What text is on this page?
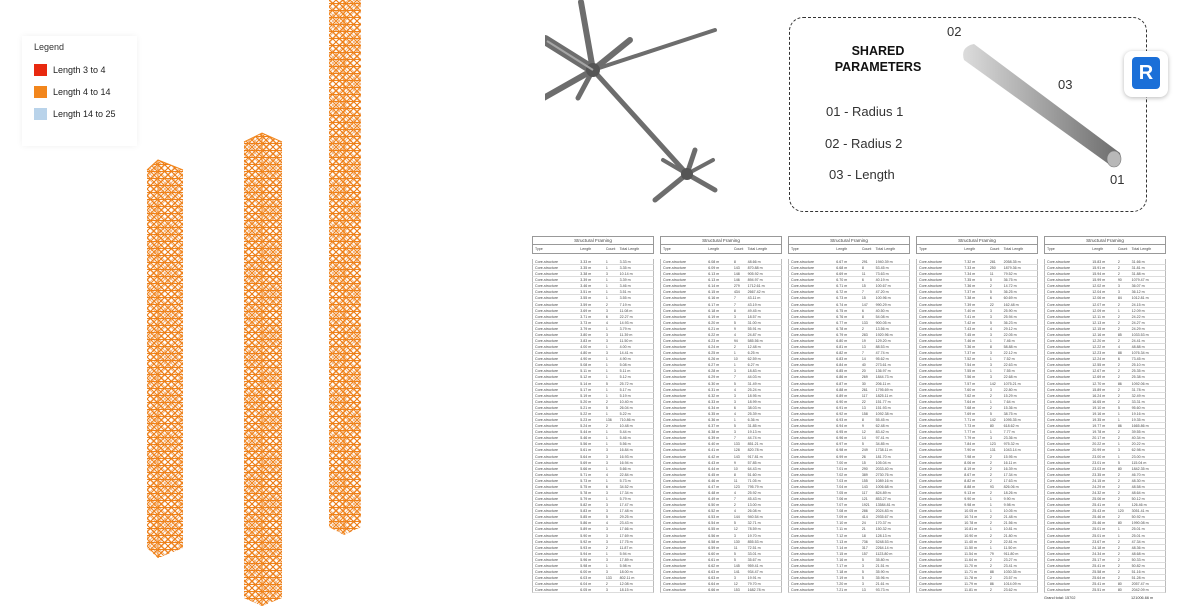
Legend
Length 3 to 4
Length 4 to 14
Length 14 to 25
SHARED
PARAMETERS
01 - Radius 1
02 - Radius 2
03 - Length
02
03
01
R
Structural Framing
Type	Length	Count	Total Length
Core-structure	3.33 m	1	3.33 m
Core-structure	3.35 m	1	3.35 m
Core-structure	3.38 m	3	10.14 m
Core-structure	3.39 m	1	3.39 m
Core-structure	3.46 m	1	3.46 m
Core-structure	3.51 m	1	3.51 m
Core-structure	3.55 m	1	3.55 m
Core-structure	3.59 m	2	7.19 m
Core-structure	3.69 m	3	11.08 m
Core-structure	3.71 m	6	22.27 m
Core-structure	3.73 m	4	14.93 m
Core-structure	3.79 m	1	3.79 m
Core-structure	3.80 m	3	11.39 m
Core-structure	3.83 m	3	11.50 m
Core-structure	4.00 m	1	4.00 m
Core-structure	4.80 m	3	14.41 m
Core-structure	4.90 m	1	4.90 m
Core-structure	5.08 m	1	5.08 m
Core-structure	5.11 m	1	5.11 m
Core-structure	5.12 m	1	5.12 m
Core-structure	5.14 m	5	25.72 m
Core-structure	5.17 m	1	5.17 m
Core-structure	5.19 m	1	5.19 m
Core-structure	5.20 m	2	10.40 m
Core-structure	5.21 m	5	26.04 m
Core-structure	5.22 m	1	5.22 m
Core-structure	5.23 m	136	710.86 m
Core-structure	5.24 m	2	10.48 m
Core-structure	5.44 m	1	5.44 m
Core-structure	5.46 m	1	5.46 m
Core-structure	5.56 m	1	5.56 m
Core-structure	5.61 m	3	16.84 m
Core-structure	5.64 m	3	16.93 m
Core-structure	5.69 m	3	16.94 m
Core-structure	5.66 m	1	5.66 m
Core-structure	5.71 m	4	22.84 m
Core-structure	5.73 m	1	5.73 m
Core-structure	5.75 m	6	34.52 m
Core-structure	5.78 m	3	17.34 m
Core-structure	5.79 m	1	5.79 m
Core-structure	5.82 m	3	17.47 m
Core-structure	5.83 m	3	17.48 m
Core-structure	5.85 m	5	29.25 m
Core-structure	5.86 m	4	23.43 m
Core-structure	5.89 m	3	17.66 m
Core-structure	5.90 m	3	17.69 m
Core-structure	5.92 m	3	17.75 m
Core-structure	5.93 m	2	11.87 m
Core-structure	5.94 m	1	5.94 m
Core-structure	5.96 m	3	17.89 m
Core-structure	5.98 m	1	5.98 m
Core-structure	6.00 m	3	18.00 m
Core-structure	6.03 m	133	802.11 m
Core-structure	6.04 m	2	12.08 m
Core-structure	6.05 m	3	18.15 m
Structural Framing
Type	Length	Count	Total Length
Core-structure	6.08 m	8	48.66 m
Core-structure	6.09 m	143	870.88 m
Core-structure	6.13 m	148	905.92 m
Core-structure	6.13 m	146	894.97 m
Core-structure	6.14 m	279	1712.61 m
Core-structure	6.15 m	434	2667.42 m
Core-structure	6.16 m	7	43.11 m
Core-structure	6.17 m	7	43.19 m
Core-structure	6.18 m	8	49.45 m
Core-structure	6.19 m	3	18.57 m
Core-structure	6.20 m	5	31.00 m
Core-structure	6.21 m	9	55.91 m
Core-structure	6.22 m	4	24.87 m
Core-structure	6.23 m	94	585.56 m
Core-structure	6.24 m	2	12.48 m
Core-structure	6.25 m	1	6.25 m
Core-structure	6.26 m	10	62.59 m
Core-structure	6.27 m	1	6.27 m
Core-structure	6.28 m	3	18.83 m
Core-structure	6.29 m	7	44.03 m
Core-structure	6.30 m	5	31.49 m
Core-structure	6.31 m	4	25.24 m
Core-structure	6.32 m	3	18.95 m
Core-structure	6.33 m	3	18.99 m
Core-structure	6.34 m	6	38.03 m
Core-structure	6.35 m	4	25.39 m
Core-structure	6.36 m	1	6.36 m
Core-structure	6.37 m	5	31.85 m
Core-structure	6.38 m	3	19.13 m
Core-structure	6.39 m	7	44.74 m
Core-structure	6.40 m	133	851.21 m
Core-structure	6.41 m	128	820.78 m
Core-structure	6.42 m	143	917.81 m
Core-structure	6.43 m	9	57.85 m
Core-structure	6.44 m	10	64.43 m
Core-structure	6.45 m	8	51.60 m
Core-structure	6.46 m	11	71.05 m
Core-structure	6.47 m	123	795.79 m
Core-structure	6.48 m	4	25.92 m
Core-structure	6.49 m	7	45.43 m
Core-structure	6.50 m	2	13.00 m
Core-structure	6.52 m	4	26.08 m
Core-structure	6.53 m	144	940.54 m
Core-structure	6.54 m	5	32.71 m
Core-structure	6.55 m	12	78.59 m
Core-structure	6.56 m	3	19.70 m
Core-structure	6.58 m	130	855.53 m
Core-structure	6.59 m	11	72.51 m
Core-structure	6.60 m	5	33.01 m
Core-structure	6.61 m	5	35.67 m
Core-structure	6.62 m	145	959.41 m
Core-structure	6.63 m	141	934.47 m
Core-structure	6.63 m	3	19.91 m
Core-structure	6.64 m	12	79.70 m
Core-structure	6.66 m	153	1682.78 m
Structural Framing
Type	Length	Count	Total Length
Core-structure	6.67 m	291	1940.39 m
Core-structure	6.68 m	8	53.45 m
Core-structure	6.69 m	11	73.63 m
Core-structure	6.70 m	6	40.19 m
Core-structure	6.71 m	15	100.67 m
Core-structure	6.72 m	7	47.20 m
Core-structure	6.73 m	15	100.96 m
Core-structure	6.74 m	147	990.29 m
Core-structure	6.75 m	6	40.50 m
Core-structure	6.76 m	8	54.08 m
Core-structure	6.77 m	133	900.05 m
Core-structure	6.78 m	2	13.56 m
Core-structure	6.79 m	283	1920.96 m
Core-structure	6.80 m	19	129.20 m
Core-structure	6.81 m	13	88.53 m
Core-structure	6.82 m	7	47.74 m
Core-structure	6.83 m	14	95.62 m
Core-structure	6.84 m	40	273.61 m
Core-structure	6.85 m	20	136.97 m
Core-structure	6.86 m	269	1844.73 m
Core-structure	6.87 m	30	206.11 m
Core-structure	6.88 m	261	1795.69 m
Core-structure	6.89 m	117	1825.11 m
Core-structure	6.90 m	22	151.77 m
Core-structure	6.91 m	13	151.93 m
Core-structure	6.92 m	158	1092.38 m
Core-structure	6.93 m	8	55.45 m
Core-structure	6.94 m	9	62.48 m
Core-structure	6.95 m	12	83.42 m
Core-structure	6.96 m	14	97.41 m
Core-structure	6.97 m	5	34.85 m
Core-structure	6.98 m	249	1738.11 m
Core-structure	6.99 m	26	181.70 m
Core-structure	7.00 m	15	105.04 m
Core-structure	7.01 m	290	2033.40 m
Core-structure	7.02 m	389	2730.76 m
Core-structure	7.03 m	155	1089.16 m
Core-structure	7.04 m	143	1006.68 m
Core-structure	7.05 m	117	824.89 m
Core-structure	7.06 m	121	853.27 m
Core-structure	7.07 m	1921	13584.81 m
Core-structure	7.08 m	286	2024.83 m
Core-structure	7.09 m	414	2935.67 m
Core-structure	7.10 m	24	170.37 m
Core-structure	7.11 m	21	150.32 m
Core-structure	7.12 m	18	128.13 m
Core-structure	7.13 m	736	5248.53 m
Core-structure	7.14 m	317	2264.14 m
Core-structure	7.15 m	157	1123.80 m
Core-structure	7.16 m	5	35.80 m
Core-structure	7.17 m	3	21.51 m
Core-structure	7.18 m	5	35.90 m
Core-structure	7.19 m	5	35.96 m
Core-structure	7.20 m	3	21.61 m
Core-structure	7.21 m	13	93.73 m
Structural Framing
Type	Length	Count	Total Length
Core-structure	7.32 m	281	2058.35 m
Core-structure	7.33 m	250	1879.36 m
Core-structure	7.34 m	11	79.52 m
Core-structure	7.35 m	5	36.75 m
Core-structure	7.36 m	2	14.72 m
Core-structure	7.37 m	5	36.25 m
Core-structure	7.38 m	6	60.69 m
Core-structure	7.39 m	22	162.48 m
Core-structure	7.40 m	3	25.90 m
Core-structure	7.41 m	3	25.94 m
Core-structure	7.42 m	5	36.23 m
Core-structure	7.43 m	4	29.12 m
Core-structure	7.45 m	3	22.05 m
Core-structure	7.46 m	1	7.46 m
Core-structure	7.36 m	8	58.88 m
Core-structure	7.37 m	3	22.12 m
Core-structure	7.52 m	1	7.52 m
Core-structure	7.54 m	3	22.63 m
Core-structure	7.55 m	1	7.55 m
Core-structure	7.56 m	3	22.68 m
Core-structure	7.57 m	142	1075.21 m
Core-structure	7.60 m	3	22.80 m
Core-structure	7.62 m	2	15.29 m
Core-structure	7.64 m	1	7.64 m
Core-structure	7.68 m	2	15.36 m
Core-structure	7.69 m	5	38.75 m
Core-structure	7.71 m	142	1095.35 m
Core-structure	7.73 m	80	618.62 m
Core-structure	7.77 m	1	7.77 m
Core-structure	7.79 m	3	23.36 m
Core-structure	7.84 m	123	975.32 m
Core-structure	7.90 m	131	1043.14 m
Core-structure	7.98 m	2	15.95 m
Core-structure	8.06 m	2	16.11 m
Core-structure	8.19 m	2	16.39 m
Core-structure	8.67 m	2	17.34 m
Core-structure	8.82 m	2	17.63 m
Core-structure	8.88 m	93	826.06 m
Core-structure	9.13 m	2	18.26 m
Core-structure	9.90 m	1	9.90 m
Core-structure	9.98 m	1	9.98 m
Core-structure	10.05 m	1	10.05 m
Core-structure	10.74 m	2	21.48 m
Core-structure	10.78 m	2	21.56 m
Core-structure	10.81 m	1	10.81 m
Core-structure	10.90 m	2	21.80 m
Core-structure	11.40 m	2	22.81 m
Core-structure	11.50 m	1	11.50 m
Core-structure	11.54 m	79	911.80 m
Core-structure	11.64 m	2	23.27 m
Core-structure	11.70 m	2	23.41 m
Core-structure	11.71 m	88	1030.35 m
Core-structure	11.78 m	2	23.57 m
Core-structure	11.79 m	86	1014.09 m
Core-structure	11.81 m	2	23.62 m
Structural Framing
Type	Length	Count	Total Length
Core-structure	15.83 m	2	31.66 m
Core-structure	15.91 m	2	31.81 m
Core-structure	15.94 m	2	31.88 m
Core-structure	15.99 m	90	1079.47 m
Core-structure	12.02 m	3	36.07 m
Core-structure	12.04 m	3	36.12 m
Core-structure	12.06 m	84	1012.81 m
Core-structure	12.07 m	2	24.15 m
Core-structure	12.09 m	1	12.09 m
Core-structure	12.11 m	2	24.22 m
Core-structure	12.13 m	2	24.27 m
Core-structure	12.15 m	2	24.29 m
Core-structure	12.16 m	85	1033.53 m
Core-structure	12.20 m	2	24.41 m
Core-structure	12.22 m	4	48.88 m
Core-structure	12.23 m	88	1076.34 m
Core-structure	12.24 m	6	73.45 m
Core-structure	12.55 m	2	25.10 m
Core-structure	12.67 m	2	25.35 m
Core-structure	12.69 m	2	25.38 m
Core-structure	12.70 m	86	1092.06 m
Core-structure	15.89 m	2	31.78 m
Core-structure	16.24 m	2	32.49 m
Core-structure	16.65 m	2	33.31 m
Core-structure	19.10 m	5	95.60 m
Core-structure	19.16 m	1	19.16 m
Core-structure	19.35 m	1	19.35 m
Core-structure	19.77 m	86	1665.86 m
Core-structure	19.78 m	2	39.55 m
Core-structure	20.17 m	2	40.34 m
Core-structure	20.22 m	1	20.22 m
Core-structure	20.99 m	3	62.98 m
Core-structure	23.00 m	1	23.00 m
Core-structure	23.01 m	5	115.04 m
Core-structure	23.03 m	80	1842.35 m
Core-structure	23.35 m	2	46.70 m
Core-structure	24.15 m	2	48.30 m
Core-structure	24.29 m	2	48.58 m
Core-structure	24.32 m	2	48.64 m
Core-structure	25.06 m	2	50.12 m
Core-structure	25.41 m	4	126.46 m
Core-structure	25.43 m	120	3051.41 m
Core-structure	25.46 m	2	50.92 m
Core-structure	25.46 m	80	1990.08 m
Core-structure	25.01 m	1	25.01 m
Core-structure	25.01 m	1	25.01 m
Core-structure	23.67 m	2	47.34 m
Core-structure	24.18 m	2	48.36 m
Core-structure	24.34 m	2	48.68 m
Core-structure	25.17 m	2	50.33 m
Core-structure	25.41 m	2	50.82 m
Core-structure	25.58 m	2	51.16 m
Core-structure	25.64 m	2	51.28 m
Core-structure	25.41 m	80	2057.47 m
Core-structure	25.51 m	80	2042.09 m
Grand total: 15702	121006.66 m
